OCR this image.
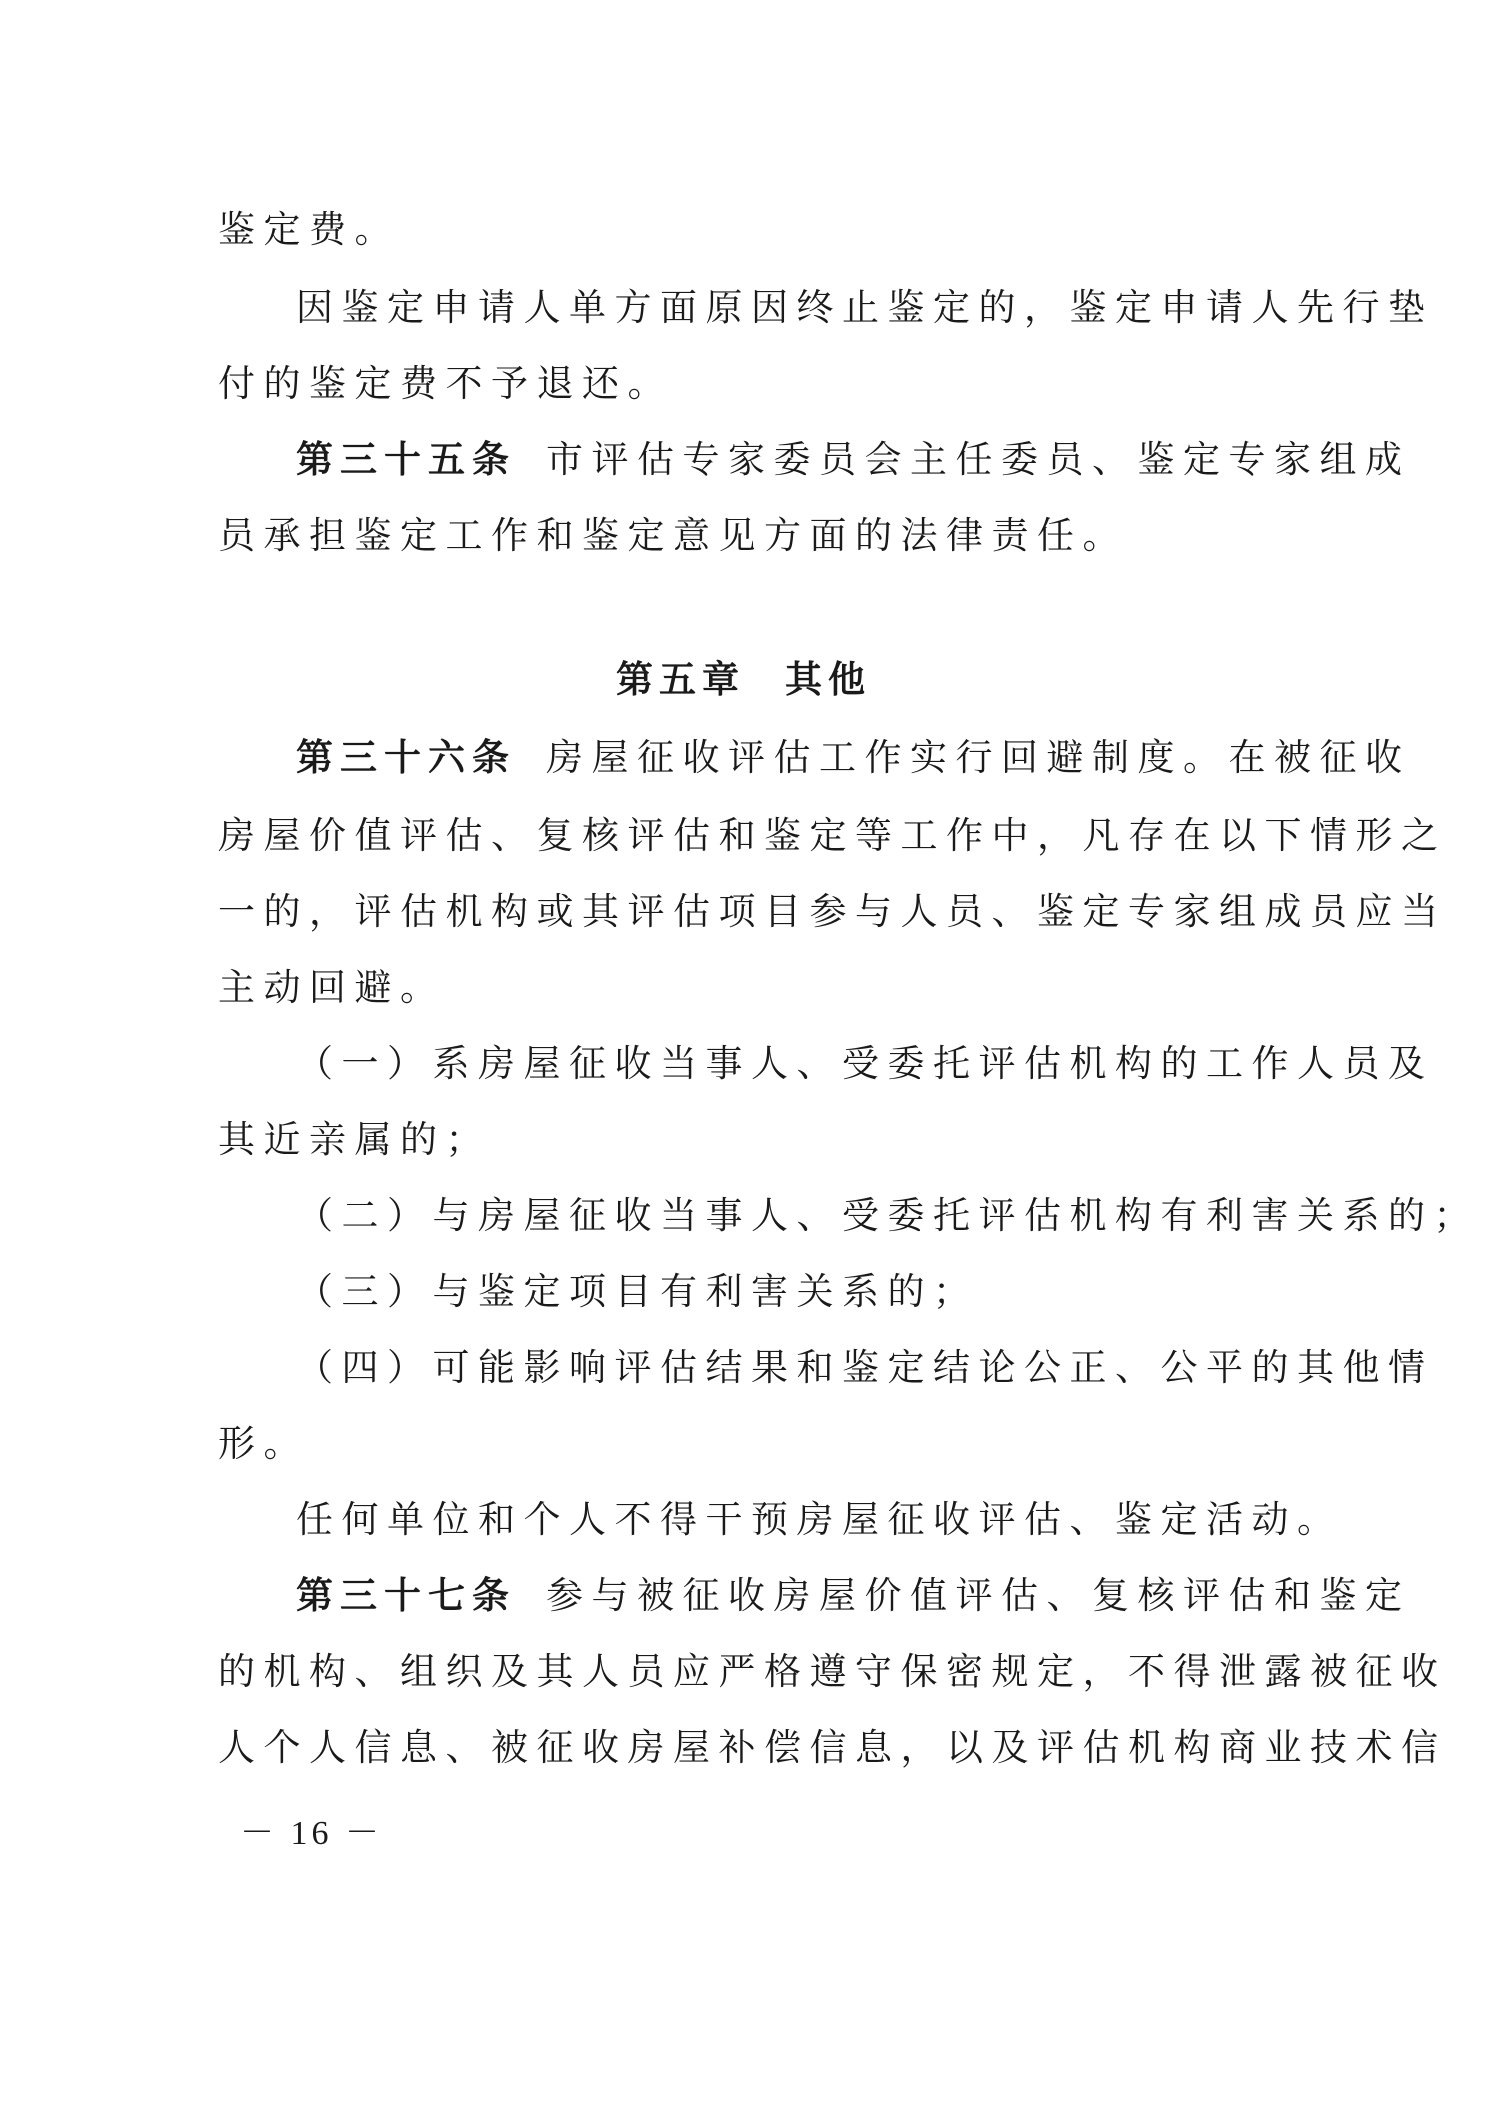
鉴定费。
因鉴定申请人单方面原因终止鉴定的，鉴定申请人先行垫
付的鉴定费不予退还。
第三十五条 市评估专家委员会主任委员、鉴定专家组成
员承担鉴定工作和鉴定意见方面的法律责任。
第五章 其他
第三十六条 房屋征收评估工作实行回避制度。在被征收
房屋价值评估、复核评估和鉴定等工作中，凡存在以下情形之
一的，评估机构或其评估项目参与人员、鉴定专家组成员应当
主动回避。
（一）系房屋征收当事人、受委托评估机构的工作人员及
其近亲属的；
（二）与房屋征收当事人、受委托评估机构有利害关系的；
（三）与鉴定项目有利害关系的；
（四）可能影响评估结果和鉴定结论公正、公平的其他情
形。
任何单位和个人不得干预房屋征收评估、鉴定活动。
第三十七条 参与被征收房屋价值评估、复核评估和鉴定
的机构、组织及其人员应严格遵守保密规定，不得泄露被征收
人个人信息、被征收房屋补偿信息，以及评估机构商业技术信
－ 16 －
